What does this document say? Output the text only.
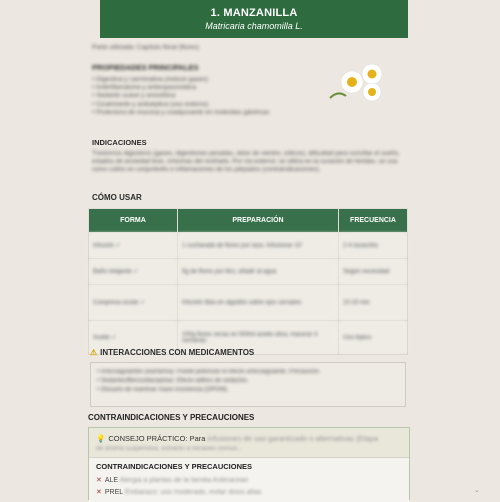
1. MANZANILLA
Matricaria chamomilla L.
Parte utilizada: Capítulo floral (flores)
PROPIEDADES PRINCIPALES
• Digestiva y carminativa (reduce gases)
• Antiinflamatoria y antiespasmódica
• Sedante suave y ansiolítica
• Cicatrizante y antiséptica (uso externo)
• Protectora de mucosa y coadyuvante en molestias gástricas
INDICACIONES
Trastornos digestivos (gases, digestiones pesadas, dolor de vientre, cólicos), dificultad para conciliar el sueño, estados de ansiedad leve, síntomas del resfriado. Por vía externa: se utiliza en la curación de heridas, se usa como colirio en conjuntivitis e inflamaciones de los párpados (contraindicaciones).
CÓMO USAR
FORMA	PREPARACIÓN	FRECUENCIA
Infusión ✓	1 cucharada de flores por taza. Infusionar 10'	2-4 tazas/día
Baño relajante ✓	5g de flores por litro, añadir al agua	Según necesidad
Compresa ocular ✓	Infusión tibia en algodón sobre ojos cerrados	10-15 min
Aceite ✓	100g flores secas en 500ml aceite oliva, macerar 4 semanas	Uso tópico
⚠ INTERACCIONES CON MEDICAMENTOS
• Anticoagulantes (warfarina): Puede potenciar el efecto anticoagulante. Precaución.
• Sedantes/Benzodiacepinas: Efecto aditivo de sedación.
• Glosario de reaminar mase insistencia (OPGM).
CONTRAINDICACIONES Y PRECAUCIONES
💡 CONSEJO PRÁCTICO: Para infusiones de uso garantizado o alternativas (Etapa
de aroma suspensiva, extracto a secaoes consul...
CONTRAINDICACIONES Y PRECAUCIONES
✕ ALE Alergia a plantas de la familia Asteraceae
✕ PREL Embarazo: uso moderado, evitar dosis altas	⌄
